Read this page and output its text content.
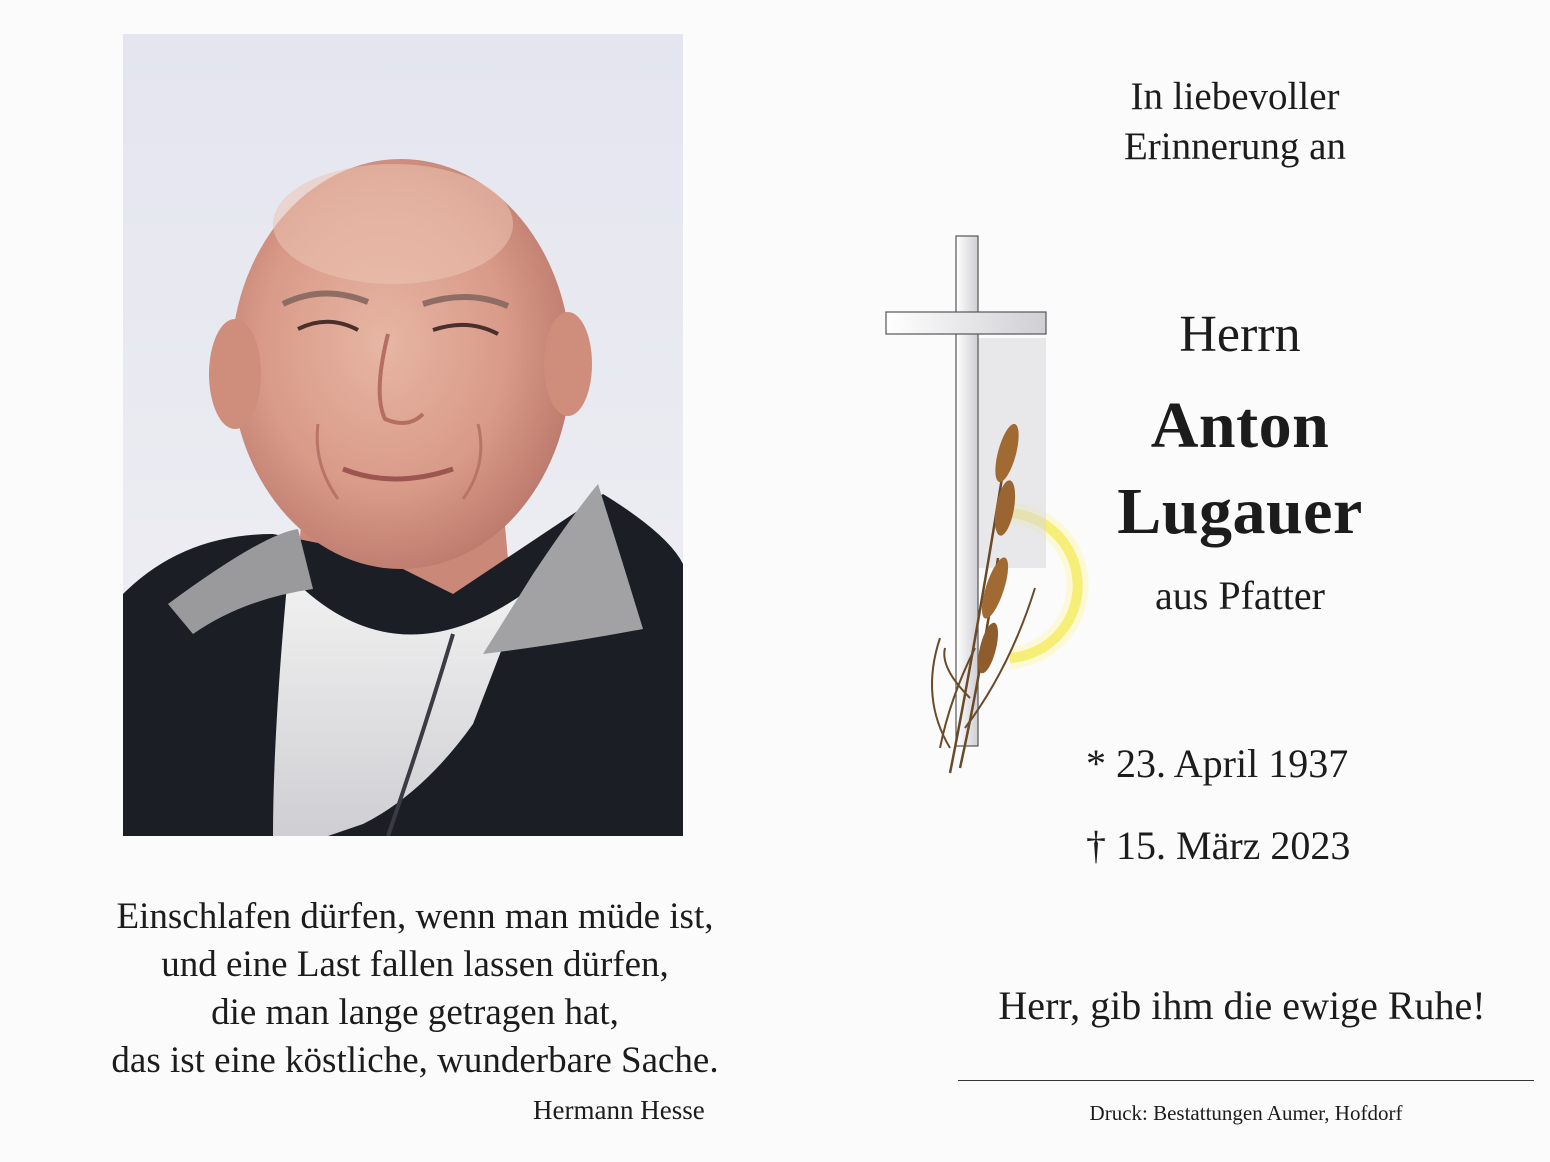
Einschlafen dürfen, wenn man müde ist,
und eine Last fallen lassen dürfen,
die man lange getragen hat,
das ist eine köstliche, wunderbare Sache.
Hermann Hesse
In liebevoller
Erinnerung an
Herrn
Anton
Lugauer
aus Pfatter
* 23. April 1937
† 15. März 2023
Herr, gib ihm die ewige Ruhe!
Druck: Bestattungen Aumer, Hofdorf
